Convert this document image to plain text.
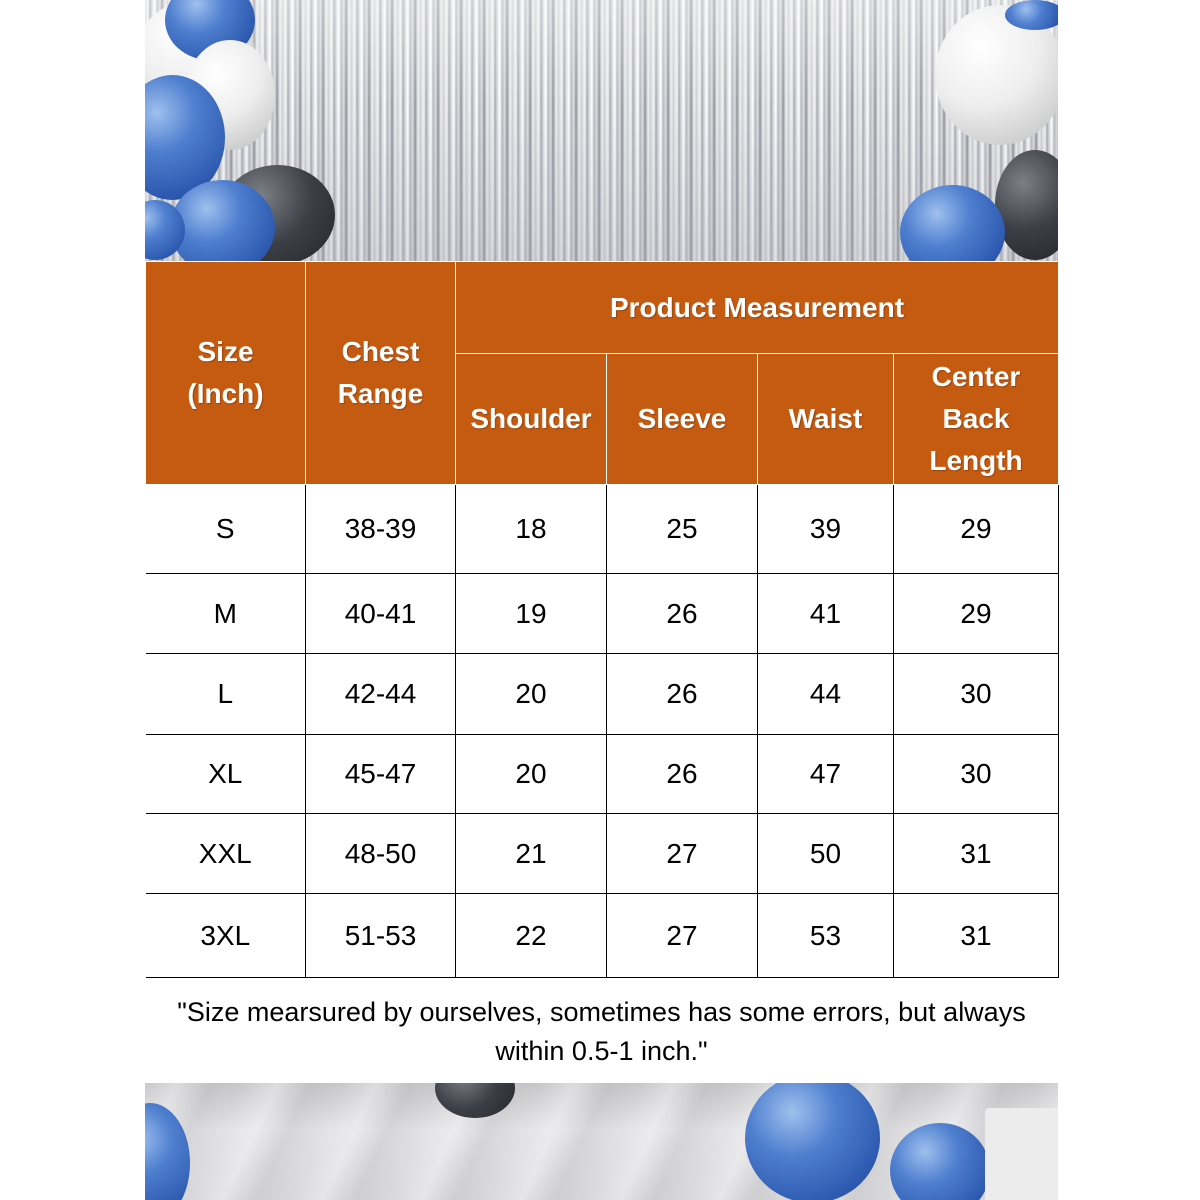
Size (Inch)	Chest Range	Product Measurement			
		Shoulder	Sleeve	Waist	Center Back Length
S	38-39	18	25	39	29
M	40-41	19	26	41	29
L	42-44	20	26	44	30
XL	45-47	20	26	47	30
XXL	48-50	21	27	50	31
3XL	51-53	22	27	53	31
"Size mearsured by ourselves, sometimes has some errors, but always within 0.5-1 inch."
